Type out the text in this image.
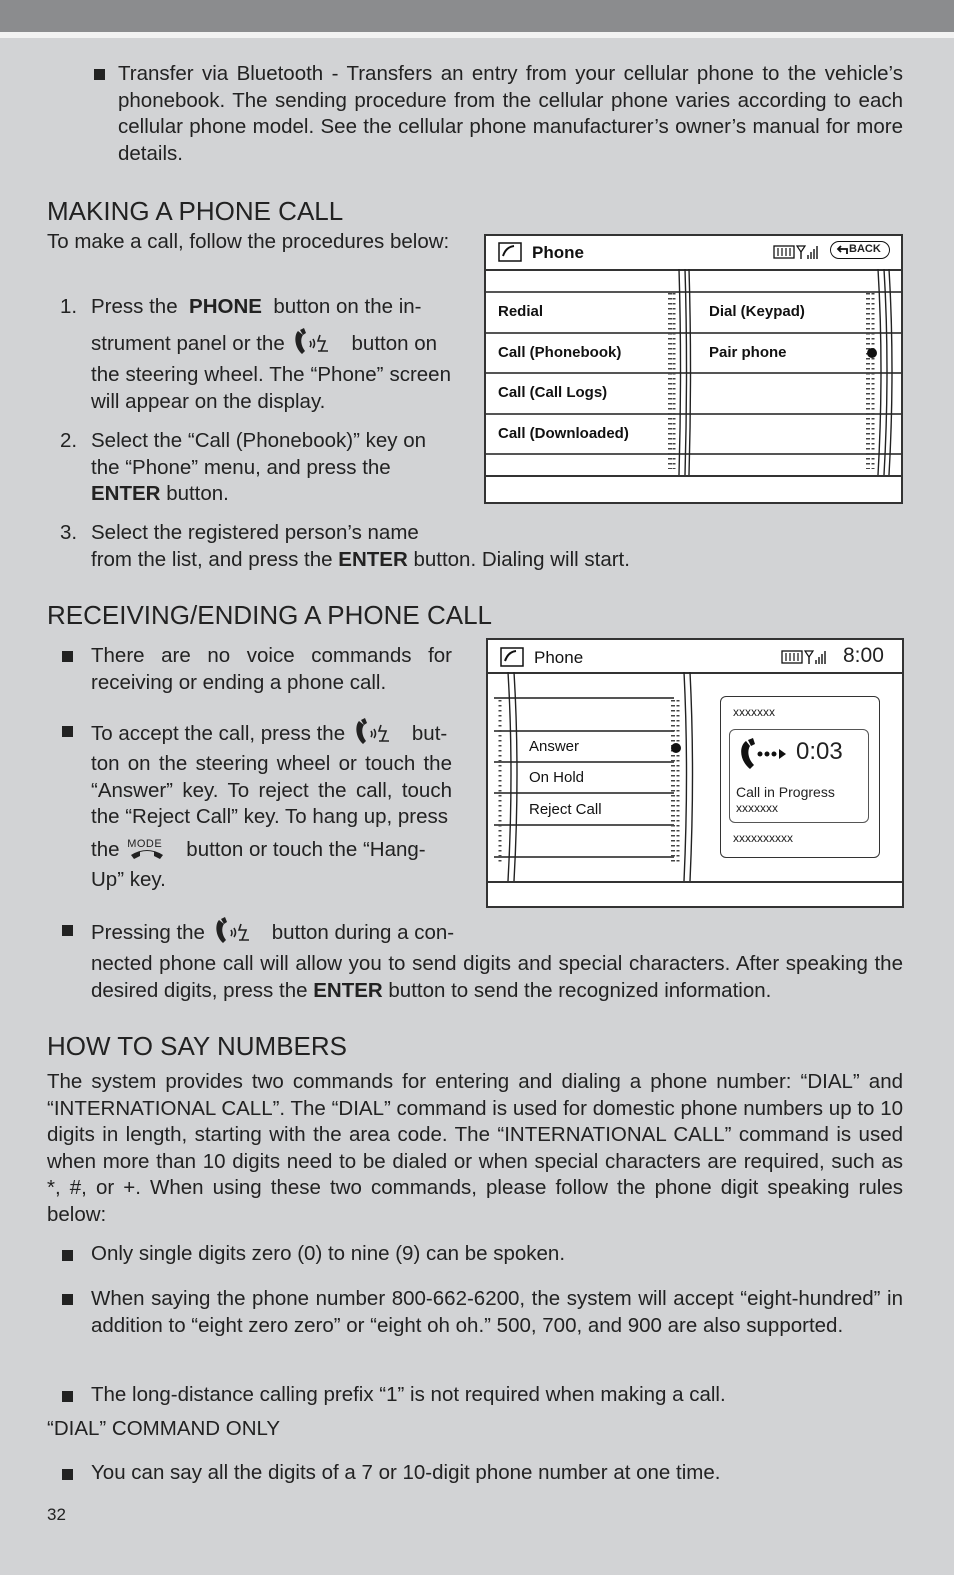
Transfer via Bluetooth - Transfers an entry from your cellular phone to the vehicle’s phonebook. The sending procedure from the cellular phone varies according to each cellular phone model. See the cellular phone manufacturer’s owner’s manual for more details.

MAKING A PHONE CALL

To make a call, follow the procedures below:

1. Press the PHONE button on the in-

strument panel or the	button on

the steering wheel. The “Phone” screen will appear on the display.

2. Select the “Call (Phonebook)” key on the “Phone” menu, and press the ENTER button.

3. Select the registered person’s name

from the list, and press the ENTER button. Dialing will start.

Phone	BACK
Redial
Call (Phonebook)
Call (Call Logs)
Call (Downloaded)
Dial (Keypad)
Pair phone
RECEIVING/ENDING A PHONE CALL

There are no voice commands for receiving or ending a phone call.

To accept the call, press the	but-

ton on the steering wheel or touch the “Answer” key. To reject the call, touch the “Reject Call” key. To hang up, press

the MODE button or touch the “Hang-

Up” key.

Pressing the	button during a con-

nected phone call will allow you to send digits and special characters. After speaking the desired digits, press the ENTER button to send the recognized information.

Phone	8:00
Answer
On Hold
Reject Call
xxxxxxx
0:03
Call in Progress
xxxxxxx
xxxxxxxxxx
HOW TO SAY NUMBERS

The system provides two commands for entering and dialing a phone number: “DIAL” and “INTERNATIONAL CALL”. The “DIAL” command is used for domestic phone numbers up to 10 digits in length, starting with the area code. The “INTERNATIONAL CALL” command is used when more than 10 digits need to be dialed or when special characters are required, such as *, #, or +. When using these two commands, please follow the phone digit speaking rules below:

Only single digits zero (0) to nine (9) can be spoken.

When saying the phone number 800-662-6200, the system will accept “eight-hundred” in addition to “eight zero zero” or “eight oh oh.” 500, 700, and 900 are also supported.

The long-distance calling prefix “1” is not required when making a call.

“DIAL” COMMAND ONLY

You can say all the digits of a 7 or 10-digit phone number at one time.

32
